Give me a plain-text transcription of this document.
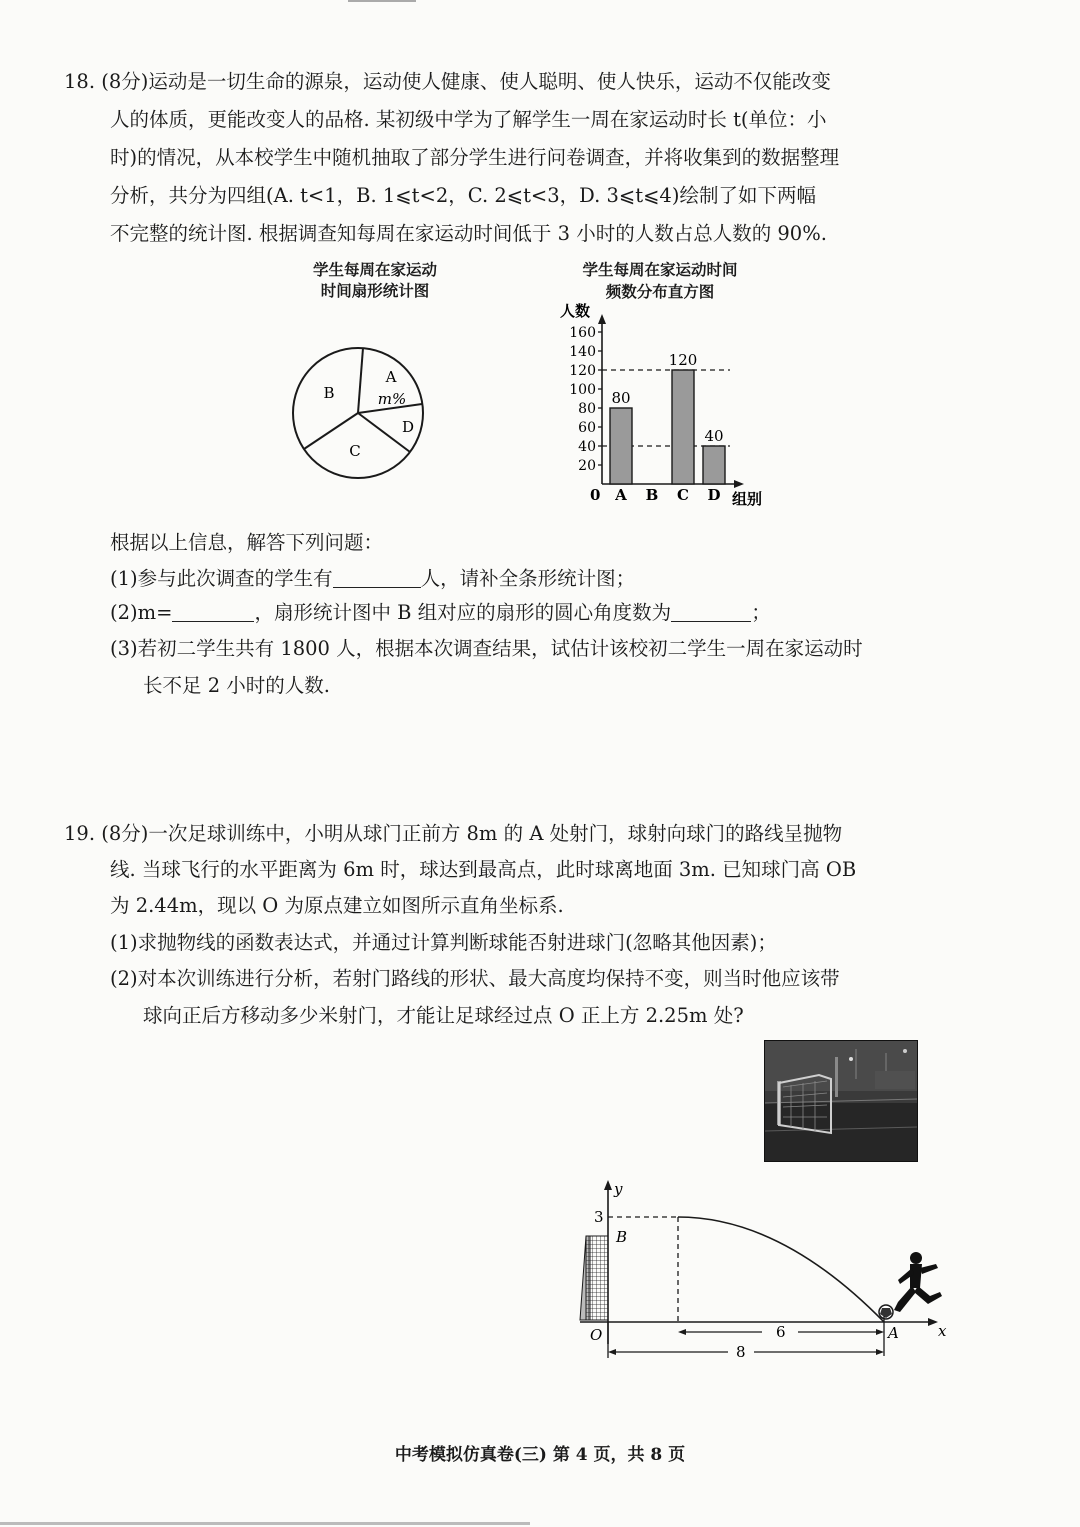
18. (8分)运动是一切生命的源泉，运动使人健康、使人聪明、使人快乐，运动不仅能改变
人的体质，更能改变人的品格. 某初级中学为了解学生一周在家运动时长 t(单位：小
时)的情况，从本校学生中随机抽取了部分学生进行问卷调查，并将收集到的数据整理
分析，共分为四组(A. t<1，B. 1⩽t<2，C. 2⩽t<3，D. 3⩽t⩽4)绘制了如下两幅
不完整的统计图. 根据调查知每周在家运动时间低于 3 小时的人数占总人数的 90%.
学生每周在家运动
时间扇形统计图
学生每周在家运动时间
频数分布直方图
A
m%
B
C
D
人数
0	组别
20
40
60
80
100
120
140
160
80
A B
120
C
40
D
根据以上信息，解答下列问题：
(1)参与此次调查的学生有	人，请补全条形统计图；
(2)m=	，扇形统计图中 B 组对应的扇形的圆心角度数为	；
(3)若初二学生共有 1800 人，根据本次调查结果，试估计该校初二学生一周在家运动时
长不足 2 小时的人数.
19. (8分)一次足球训练中，小明从球门正前方 8m 的 A 处射门，球射向球门的路线呈抛物
线. 当球飞行的水平距离为 6m 时，球达到最高点，此时球离地面 3m. 已知球门高 OB
为 2.44m，现以 O 为原点建立如图所示直角坐标系.
(1)求抛物线的函数表达式，并通过计算判断球能否射进球门(忽略其他因素)；
(2)对本次训练进行分析，若射门路线的形状、最大高度均保持不变，则当时他应该带
球向正后方移动多少米射门，才能让足球经过点 O 正上方 2.25m 处?
y
x
3
B
O	A
6
8
中考模拟仿真卷(三) 第 4 页，共 8 页
